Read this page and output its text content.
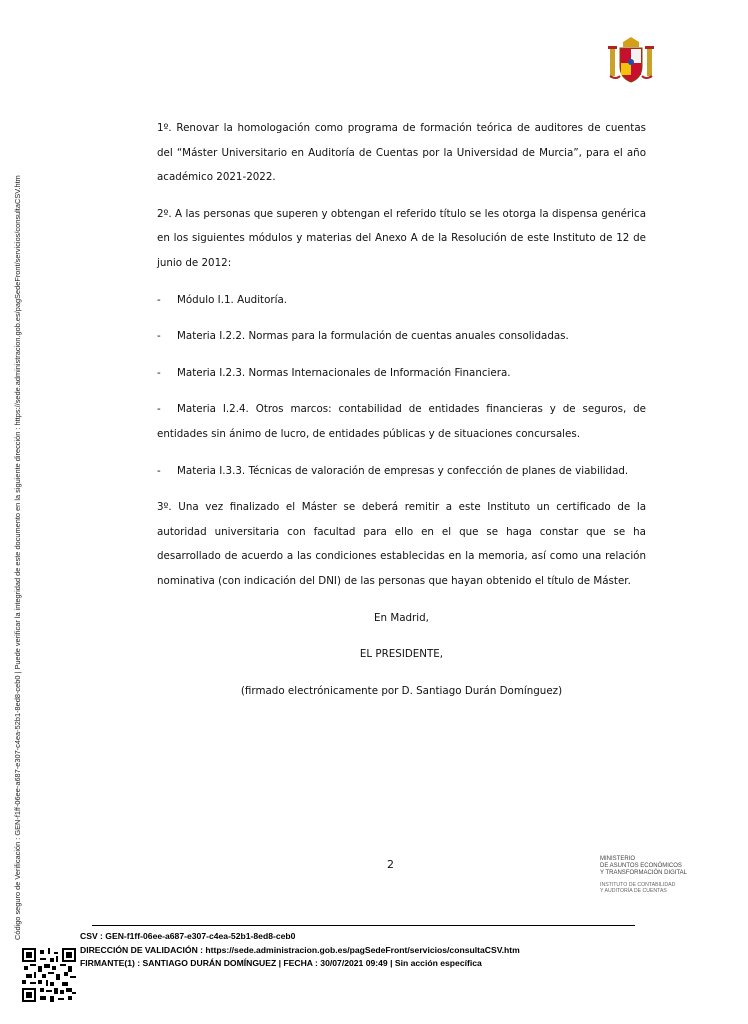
Código seguro de Verificación : GEN-f1ff-06ee-a687-e307-c4ea-52b1-8ed8-ceb0 | Puede verificar la integridad de este documento en la siguiente dirección : https://sede.administracion.gob.es/pagSedeFront/servicios/consultaCSV.htm

1º. Renovar la homologación como programa de formación teórica de auditores de cuentas del “Máster Universitario en Auditoría de Cuentas por la Universidad de Murcia”, para el año académico 2021-2022.

2º. A las personas que superen y obtengan el referido título se les otorga la dispensa genérica en los siguientes módulos y materias del Anexo A de la Resolución de este Instituto de 12 de junio de 2012:

- Módulo I.1. Auditoría.

- Materia I.2.2. Normas para la formulación de cuentas anuales consolidadas.

- Materia I.2.3. Normas Internacionales de Información Financiera.

- Materia I.2.4. Otros marcos: contabilidad de entidades financieras y de seguros, de entidades sin ánimo de lucro, de entidades públicas y de situaciones concursales.

- Materia I.3.3. Técnicas de valoración de empresas y confección de planes de viabilidad.

3º. Una vez finalizado el Máster se deberá remitir a este Instituto un certificado de la autoridad universitaria con facultad para ello en el que se haga constar que se ha desarrollado de acuerdo a las condiciones establecidas en la memoria, así como una relación nominativa (con indicación del DNI) de las personas que hayan obtenido el título de Máster.

En Madrid,

EL PRESIDENTE,

(firmado electrónicamente por D. Santiago Durán Domínguez)

2	MINISTERIO
DE ASUNTOS ECONÓMICOS
Y TRANSFORMACIÓN DIGITAL
INSTITUTO DE CONTABILIDAD
Y AUDITORÍA DE CUENTAS
CSV : GEN-f1ff-06ee-a687-e307-c4ea-52b1-8ed8-ceb0
DIRECCIÓN DE VALIDACIÓN : https://sede.administracion.gob.es/pagSedeFront/servicios/consultaCSV.htm
FIRMANTE(1) : SANTIAGO DURÁN DOMÍNGUEZ | FECHA : 30/07/2021 09:49 | Sin acción específica
